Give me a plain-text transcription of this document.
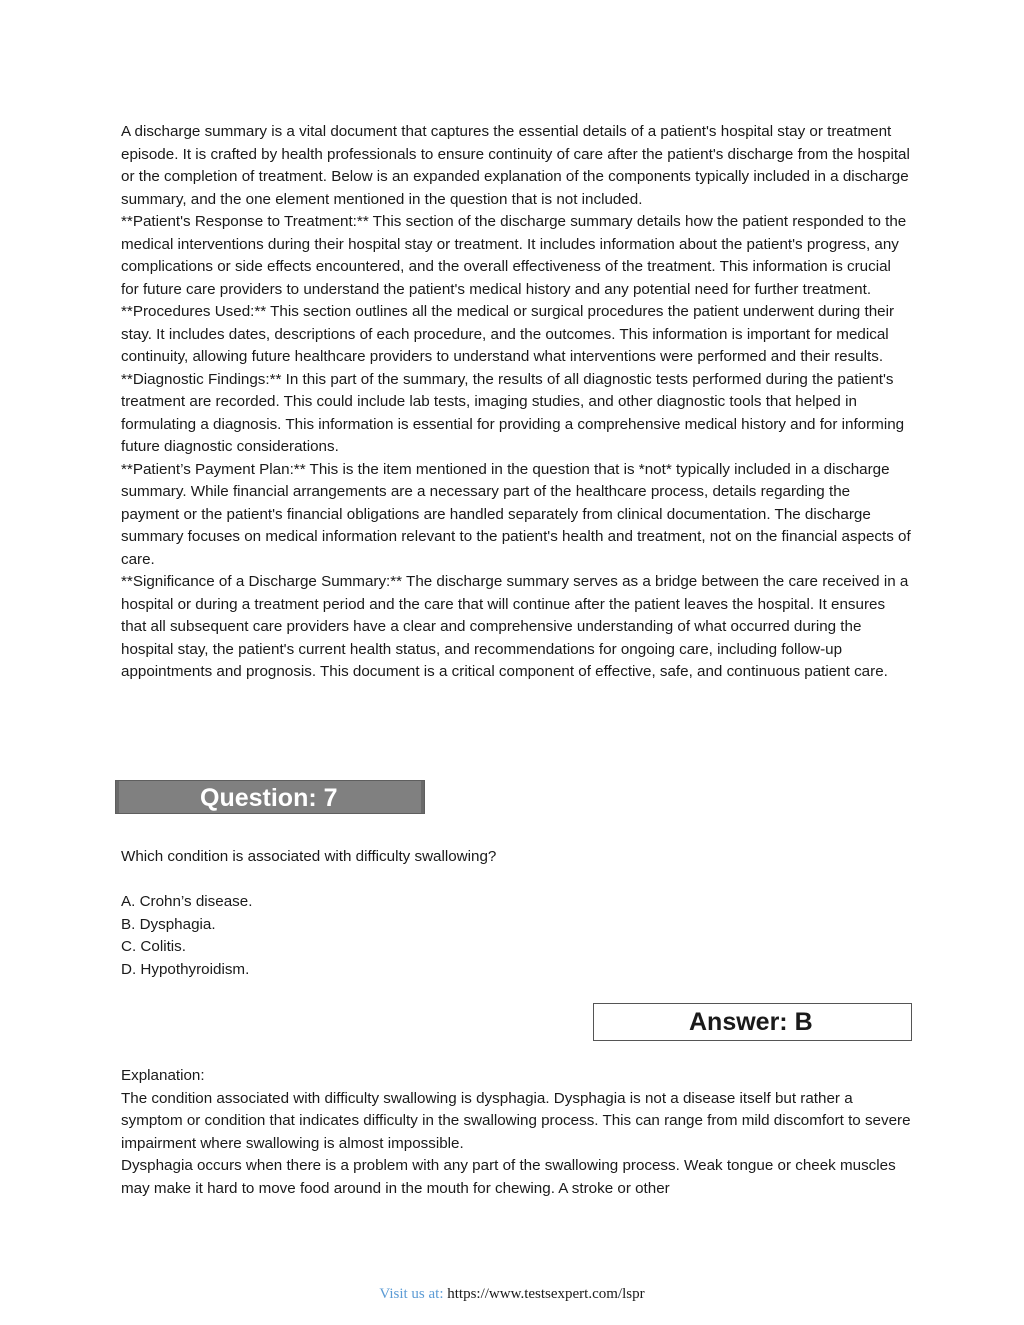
A discharge summary is a vital document that captures the essential details of a patient's hospital stay or treatment episode. It is crafted by health professionals to ensure continuity of care after the patient's discharge from the hospital or the completion of treatment. Below is an expanded explanation of the components typically included in a discharge summary, and the one element mentioned in the question that is not included.

**Patient's Response to Treatment:** This section of the discharge summary details how the patient responded to the medical interventions during their hospital stay or treatment. It includes information about the patient's progress, any complications or side effects encountered, and the overall effectiveness of the treatment. This information is crucial for future care providers to understand the patient's medical history and any potential need for further treatment.

**Procedures Used:** This section outlines all the medical or surgical procedures the patient underwent during their stay. It includes dates, descriptions of each procedure, and the outcomes. This information is important for medical continuity, allowing future healthcare providers to understand what interventions were performed and their results.

**Diagnostic Findings:** In this part of the summary, the results of all diagnostic tests performed during the patient's treatment are recorded. This could include lab tests, imaging studies, and other diagnostic tools that helped in formulating a diagnosis. This information is essential for providing a comprehensive medical history and for informing future diagnostic considerations.

**Patient’s Payment Plan:** This is the item mentioned in the question that is *not* typically included in a discharge summary. While financial arrangements are a necessary part of the healthcare process, details regarding the payment or the patient's financial obligations are handled separately from clinical documentation. The discharge summary focuses on medical information relevant to the patient's health and treatment, not on the financial aspects of care.

**Significance of a Discharge Summary:** The discharge summary serves as a bridge between the care received in a hospital or during a treatment period and the care that will continue after the patient leaves the hospital. It ensures that all subsequent care providers have a clear and comprehensive understanding of what occurred during the hospital stay, the patient's current health status, and recommendations for ongoing care, including follow-up appointments and prognosis. This document is a critical component of effective, safe, and continuous patient care.

Question: 7

Which condition is associated with difficulty swallowing?

A. Crohn’s disease.

B. Dysphagia.

C. Colitis.

D. Hypothyroidism.

Answer: B

Explanation:

The condition associated with difficulty swallowing is dysphagia. Dysphagia is not a disease itself but rather a symptom or condition that indicates difficulty in the swallowing process. This can range from mild discomfort to severe impairment where swallowing is almost impossible.

Dysphagia occurs when there is a problem with any part of the swallowing process. Weak tongue or cheek muscles may make it hard to move food around in the mouth for chewing. A stroke or other

Visit us at: https://www.testsexpert.com/lspr
